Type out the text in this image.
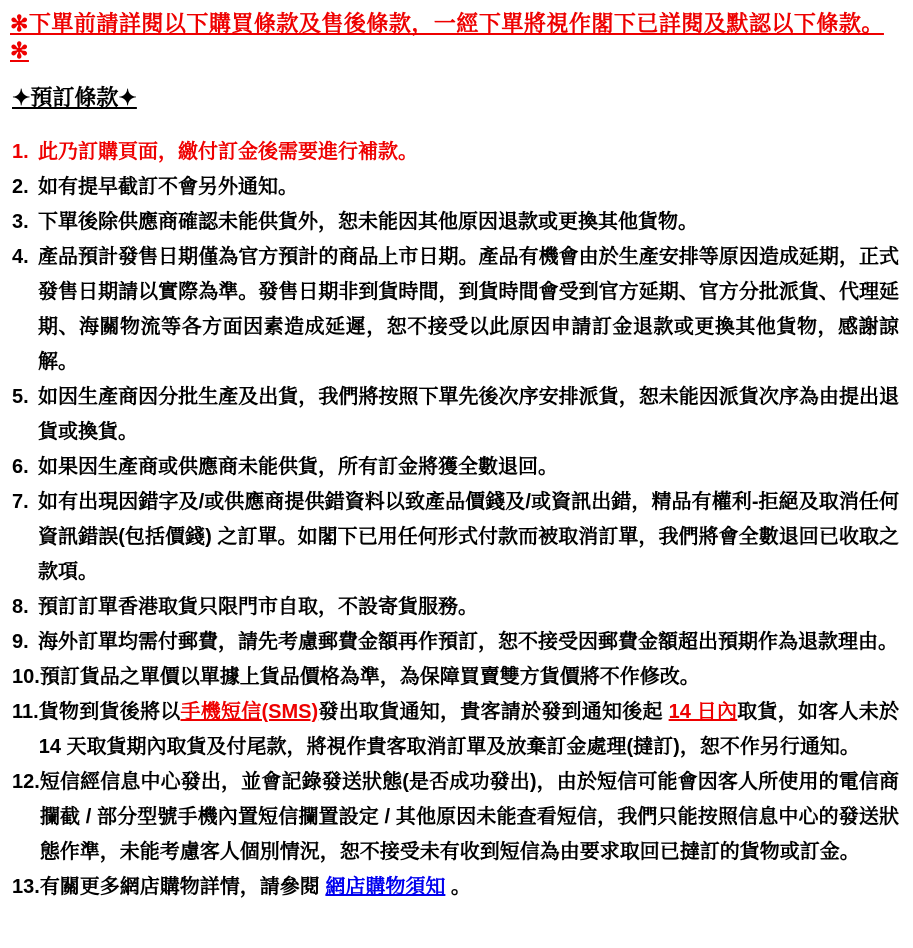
✻下單前請詳閱以下購買條款及售後條款，一經下單將視作閣下已詳閱及默認以下條款。✻
✦預訂條款✦
1. 此乃訂購頁面，繳付訂金後需要進行補款。
2. 如有提早截訂不會另外通知。
3. 下單後除供應商確認未能供貨外，恕未能因其他原因退款或更換其他貨物。
4. 產品預計發售日期僅為官方預計的商品上市日期。產品有機會由於生產安排等原因造成延期，正式發售日期請以實際為準。發售日期非到貨時間，到貨時間會受到官方延期、官方分批派貨、代理延期、海關物流等各方面因素造成延遲，恕不接受以此原因申請訂金退款或更換其他貨物，感謝諒解。
5. 如因生產商因分批生產及出貨，我們將按照下單先後次序安排派貨，恕未能因派貨次序為由提出退貨或換貨。
6. 如果因生產商或供應商未能供貨，所有訂金將獲全數退回。
7. 如有出現因錯字及/或供應商提供錯資料以致產品價錢及/或資訊出錯，精品有權利-拒絕及取消任何資訊錯誤(包括價錢) 之訂單。如閣下已用任何形式付款而被取消訂單，我們將會全數退回已收取之款項。
8. 預訂訂單香港取貨只限門市自取，不設寄貨服務。
9. 海外訂單均需付郵費，請先考慮郵費金額再作預訂，恕不接受因郵費金額超出預期作為退款理由。
10. 預訂貨品之單價以單據上貨品價格為準，為保障買賣雙方貨價將不作修改。
11. 貨物到貨後將以手機短信(SMS)發出取貨通知，貴客請於發到通知後起 14 日內取貨，如客人未於 14 天取貨期內取貨及付尾款，將視作貴客取消訂單及放棄訂金處理(撻訂)，恕不作另行通知。
12. 短信經信息中心發出，並會記錄發送狀態(是否成功發出)，由於短信可能會因客人所使用的電信商攔截 / 部分型號手機內置短信攔置設定 / 其他原因未能查看短信，我們只能按照信息中心的發送狀態作準，未能考慮客人個別情況，恕不接受未有收到短信為由要求取回已撻訂的貨物或訂金。
13. 有關更多網店購物詳情，請參閱 網店購物須知 。
